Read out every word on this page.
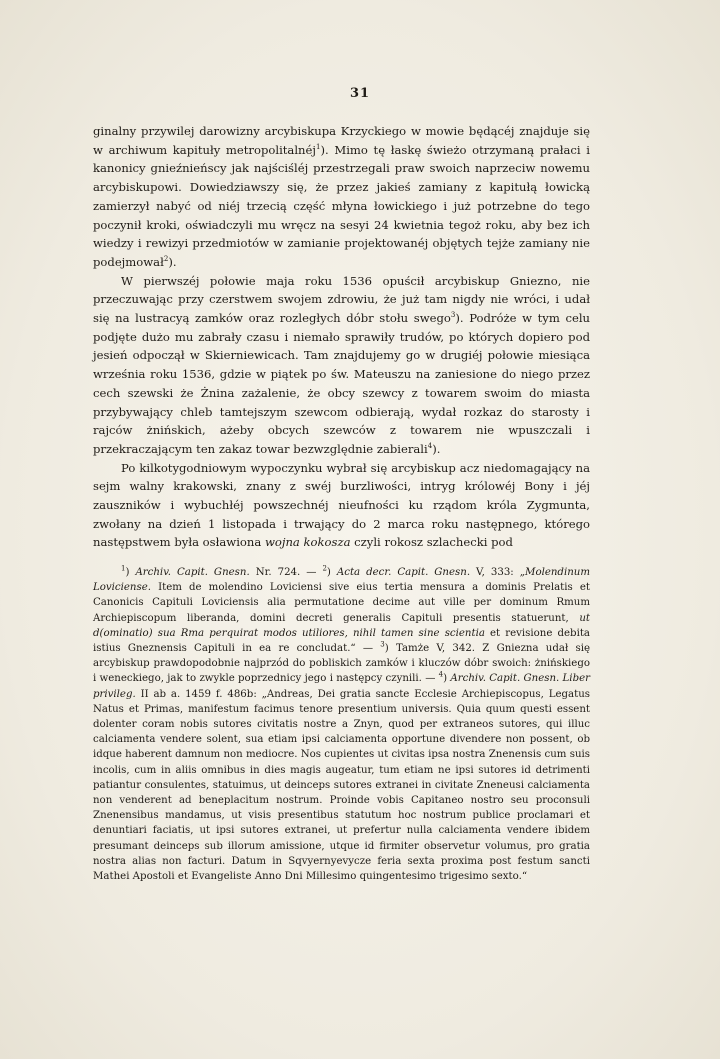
31

ginalny przywilej darowizny arcybiskupa Krzyckiego w mowie będącéj znajduje się w archiwum kapituły metropolitalnéj$^1$). Mimo tę łaskę świeżo otrzymaną prałaci i kanonicy gnieźnieńscy jak najściśléj przestrzegali praw swoich naprzeciw nowemu arcybiskupowi. Dowiedziawszy się, że przez jakieś zamiany z kapitułą łowicką zamierzył nabyć od niéj trzecią część młyna łowickiego i już potrzebne do tego poczynił kroki, oświadczyli mu wręcz na sesyi 24 kwietnia tegoż roku, aby bez ich wiedzy i rewizyi przedmiotów w zamianie projektowanéj objętych tejże zamiany nie podejmował$^2$).

W pierwszéj połowie maja roku 1536 opuścił arcybiskup Gniezno, nie przeczuwając przy czerstwem swojem zdrowiu, że już tam nigdy nie wróci, i udał się na lustracyą zamków oraz rozległych dóbr stołu swego$^3$). Podróże w tym celu podjęte dużo mu zabrały czasu i niemało sprawiły trudów, po których dopiero pod jesień odpoczął w Skierniewicach. Tam znajdujemy go w drugiéj połowie miesiąca września roku 1536, gdzie w piątek po św. Mateuszu na zaniesione do niego przez cech szewski że Żnina zażalenie, że obcy szewcy z towarem swoim do miasta przybywający chleb tamtejszym szewcom odbierają, wydał rozkaz do starosty i rajców żnińskich, ażeby obcych szewców z towarem nie wpuszczali i przekraczającym ten zakaz towar bezwzględnie zabierali$^4$).

Po kilkotygodniowym wypoczynku wybrał się arcybiskup acz niedomagający na sejm walny krakowski, znany z swéj burzliwości, intryg królowéj Bony i jéj zauszników i wybuchłéj powszechnéj nieufności ku rządom króla Zygmunta, zwołany na dzień 1 listopada i trwający do 2 marca roku następnego, którego następstwem była osławiona wojna kokosza czyli rokosz szlachecki pod

$^1$) Archiv. Capit. Gnesn. Nr. 724. — $^2$) Acta decr. Capit. Gnesn. V, 333: „Molendinum Loviciense. Item de molendino Loviciensi sive eius tertia mensura a dominis Prelatis et Canonicis Capituli Loviciensis alia permutatione decime aut ville per dominum Rmum Archiepiscopum liberanda, domini decreti generalis Capituli presentis statuerunt, ut d(ominatio) sua Rma perquirat modos utiliores, nihil tamen sine scientia et revisione debita istius Gneznensis Capituli in ea re concludat.“ — $^3$) Tamże V, 342. Z Gniezna udał się arcybiskup prawdopodobnie najprzód do pobliskich zamków i kluczów dóbr swoich: żnińskiego i weneckiego, jak to zwykle poprzednicy jego i następcy czynili. — $^4$) Archiv. Capit. Gnesn. Liber privileg. II ab a. 1459 f. 486b: „Andreas, Dei gratia sancte Ecclesie Archiepiscopus, Legatus Natus et Primas, manifestum facimus tenore presentium universis. Quia quum questi essent dolenter coram nobis sutores civitatis nostre a Znyn, quod per extraneos sutores, qui illuc calciamenta vendere solent, sua etiam ipsi calciamenta opportune divendere non possent, ob idque haberent damnum non mediocre. Nos cupientes ut civitas ipsa nostra Znenensis cum suis incolis, cum in aliis omnibus in dies magis augeatur, tum etiam ne ipsi sutores id detrimenti patiantur consulentes, statuimus, ut deinceps sutores extranei in civitate Zneneusi calciamenta non venderent ad beneplacitum nostrum. Proinde vobis Capitaneo nostro seu proconsuli Znenensibus mandamus, ut visis presentibus statutum hoc nostrum publice proclamari et denuntiari faciatis, ut ipsi sutores extranei, ut prefertur nulla calciamenta vendere ibidem presumant deinceps sub illorum amissione, utque id firmiter observetur volumus, pro gratia nostra alias non facturi. Datum in Sqvyernyevycze feria sexta proxima post festum sancti Mathei Apostoli et Evangeliste Anno Dni Millesimo quingentesimo trigesimo sexto.“
